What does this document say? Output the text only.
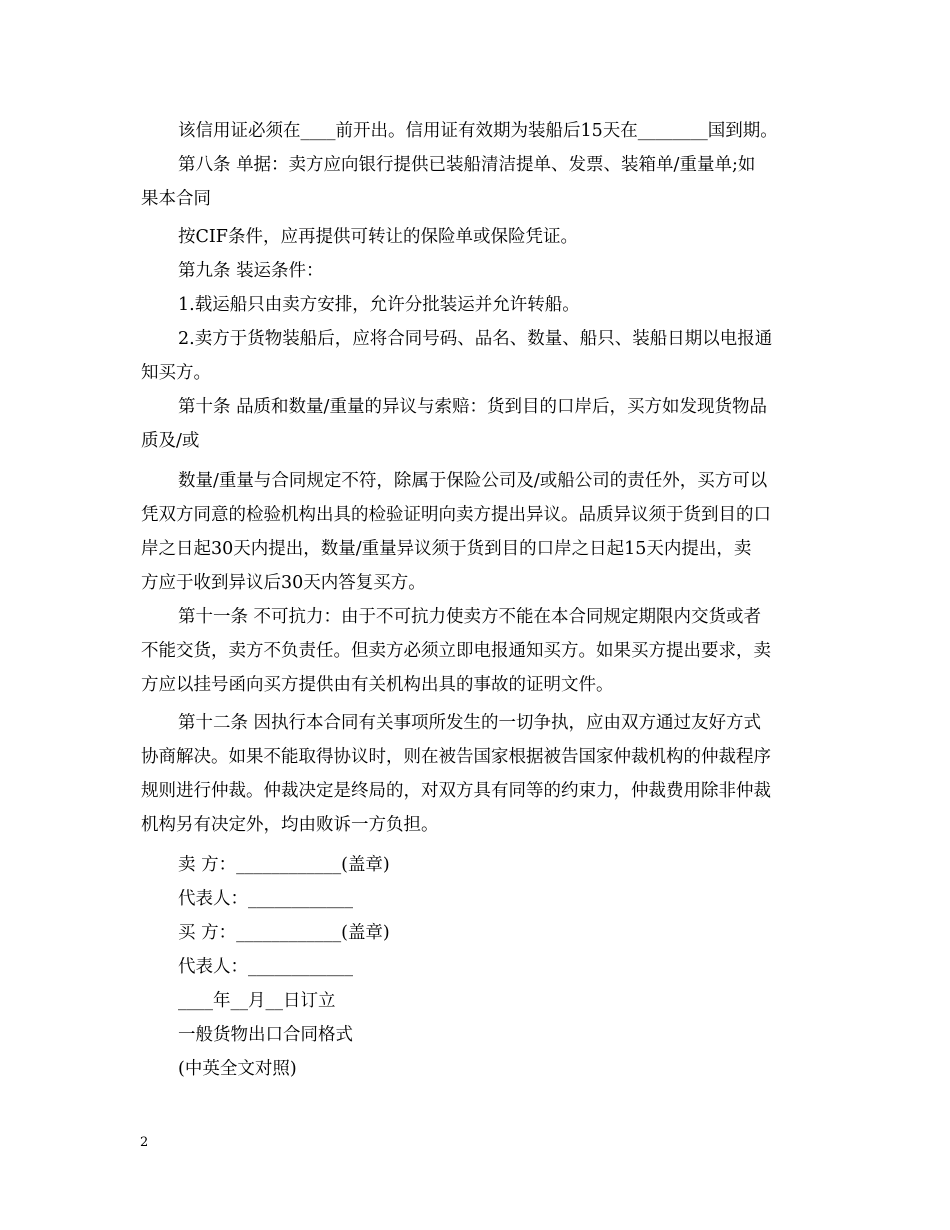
该信用证必须在____前开出。信用证有效期为装船后15天在________国到期。
第八条 单据：卖方应向银行提供已装船清洁提单、发票、装箱单/重量单;如
果本合同
按CIF条件，应再提供可转让的保险单或保险凭证。
第九条 装运条件：
1.载运船只由卖方安排，允许分批装运并允许转船。
2.卖方于货物装船后，应将合同号码、品名、数量、船只、装船日期以电报通
知买方。
第十条 品质和数量/重量的异议与索赔：货到目的口岸后，买方如发现货物品
质及/或
数量/重量与合同规定不符，除属于保险公司及/或船公司的责任外，买方可以
凭双方同意的检验机构出具的检验证明向卖方提出异议。品质异议须于货到目的口
岸之日起30天内提出，数量/重量异议须于货到目的口岸之日起15天内提出，卖
方应于收到异议后30天内答复买方。
第十一条 不可抗力：由于不可抗力使卖方不能在本合同规定期限内交货或者
不能交货，卖方不负责任。但卖方必须立即电报通知买方。如果买方提出要求，卖
方应以挂号函向买方提供由有关机构出具的事故的证明文件。
第十二条 因执行本合同有关事项所发生的一切争执，应由双方通过友好方式
协商解决。如果不能取得协议时，则在被告国家根据被告国家仲裁机构的仲裁程序
规则进行仲裁。仲裁决定是终局的，对双方具有同等的约束力，仲裁费用除非仲裁
机构另有决定外，均由败诉一方负担。
卖 方：____________(盖章)
代表人：____________
买 方：____________(盖章)
代表人：____________
____年__月__日订立
一般货物出口合同格式
(中英全文对照)
2
